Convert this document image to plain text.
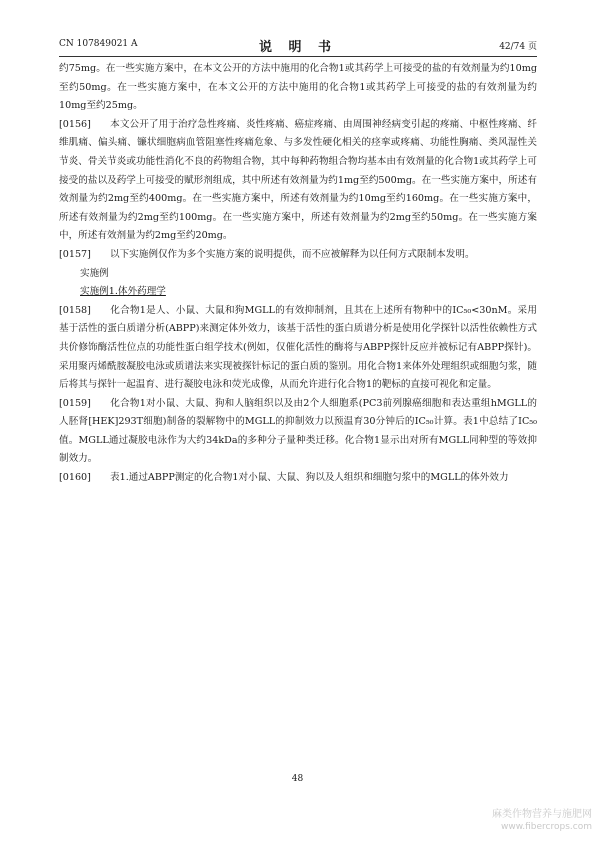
CN 107849021 A	说 明 书	42/74 页

约75mg。在一些实施方案中，在本文公开的方法中施用的化合物1或其药学上可接受的盐的有效剂量为约10mg至约50mg。在一些实施方案中，在本文公开的方法中施用的化合物1或其药学上可接受的盐的有效剂量为约10mg至约25mg。

[0156] 本文公开了用于治疗急性疼痛、炎性疼痛、癌症疼痛、由周围神经病变引起的疼痛、中枢性疼痛、纤维肌痛、偏头痛、镰状细胞病血管阻塞性疼痛危象、与多发性硬化相关的痉挛或疼痛、功能性胸痛、类风湿性关节炎、骨关节炎或功能性消化不良的药物组合物，其中每种药物组合物均基本由有效剂量的化合物1或其药学上可接受的盐以及药学上可接受的赋形剂组成，其中所述有效剂量为约1mg至约500mg。在一些实施方案中，所述有效剂量为约2mg至约400mg。在一些实施方案中，所述有效剂量为约10mg至约160mg。在一些实施方案中，所述有效剂量为约2mg至约100mg。在一些实施方案中，所述有效剂量为约2mg至约50mg。在一些实施方案中，所述有效剂量为约2mg至约20mg。

[0157] 以下实施例仅作为多个实施方案的说明提供，而不应被解释为以任何方式限制本发明。

实施例

实施例1.体外药理学

[0158] 化合物1是人、小鼠、大鼠和狗MGLL的有效抑制剂，且其在上述所有物种中的IC₅₀<30nM。采用基于活性的蛋白质谱分析(ABPP)来测定体外效力，该基于活性的蛋白质谱分析是使用化学探针以活性依赖性方式共价修饰酶活性位点的功能性蛋白组学技术(例如，仅催化活性的酶将与ABPP探针反应并被标记有ABPP探针)。采用聚丙烯酰胺凝胶电泳或质谱法来实现被探针标记的蛋白质的鉴别。用化合物1来体外处理组织或细胞匀浆，随后将其与探针一起温育、进行凝胶电泳和荧光成像，从而允许进行化合物1的靶标的直接可视化和定量。

[0159] 化合物1对小鼠、大鼠、狗和人脑组织以及由2个人细胞系(PC3前列腺癌细胞和表达重组hMGLL的人胚肾[HEK]293T细胞)制备的裂解物中的MGLL的抑制效力以预温育30分钟后的IC₅₀计算。表1中总结了IC₅₀值。MGLL通过凝胶电泳作为大约34kDa的多种分子量种类迁移。化合物1显示出对所有MGLL同种型的等效抑制效力。

[0160] 表1.通过ABPP测定的化合物1对小鼠、大鼠、狗以及人组织和细胞匀浆中的MGLL的体外效力

48
麻类作物营养与施肥网
www.fibercrops.com
